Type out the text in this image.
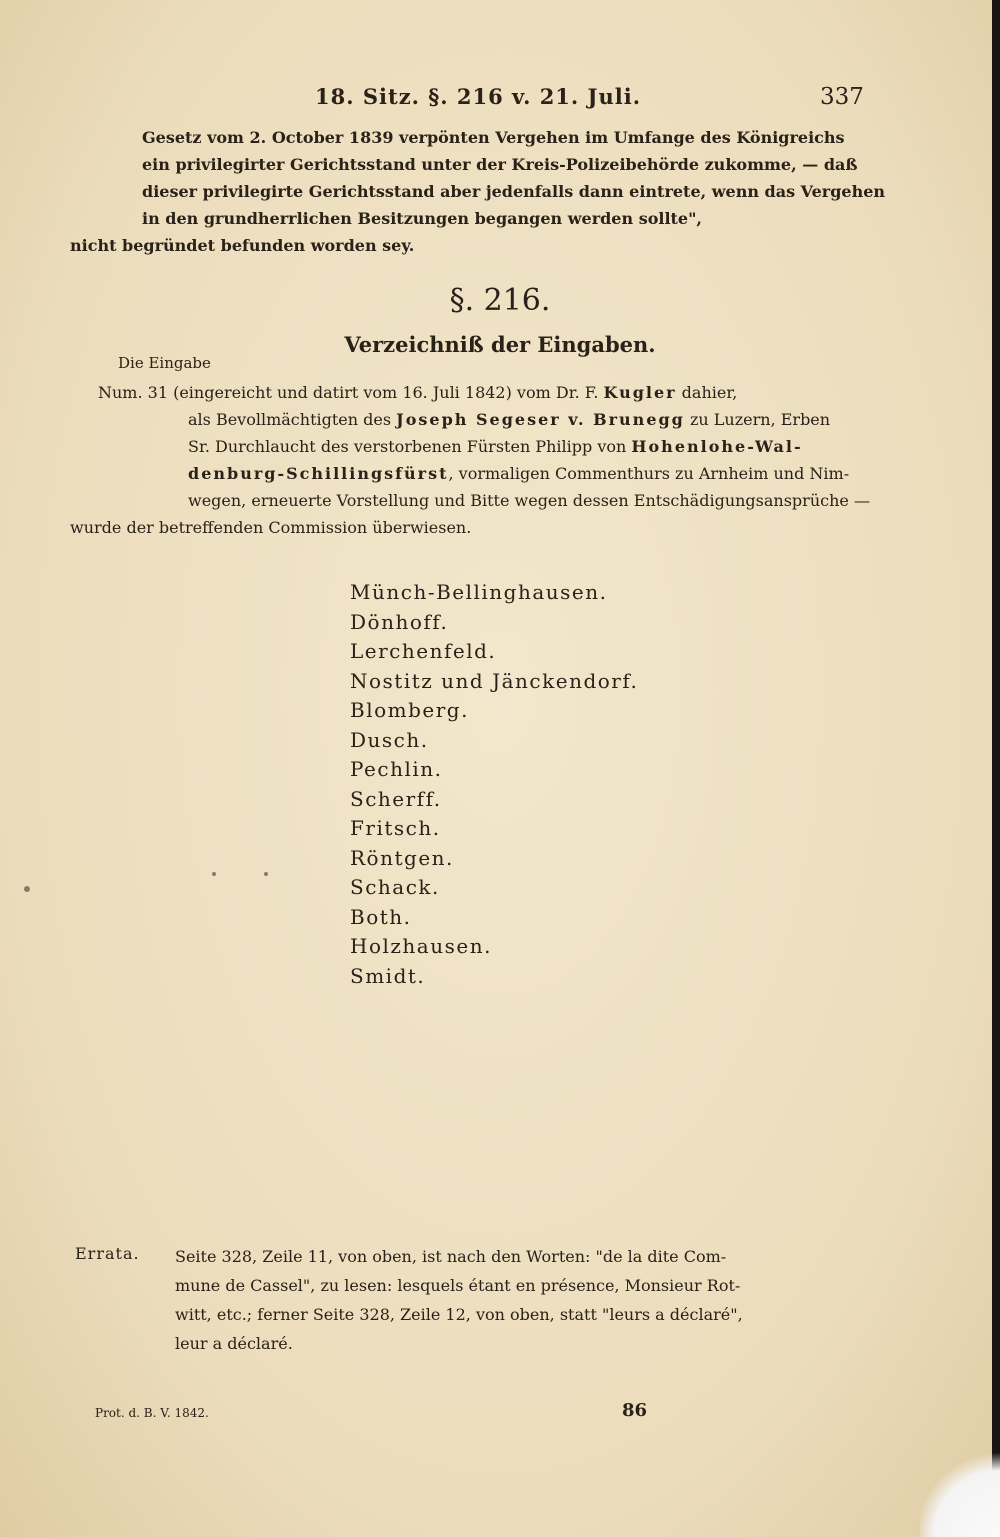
18. Sitz. §. 216 v. 21. Juli.	337
Gesetz vom 2. October 1839 verpönten Vergehen im Umfange des Königreichs
ein privilegirter Gerichtsstand unter der Kreis-Polizeibehörde zukomme, — daß
dieser privilegirte Gerichtsstand aber jedenfalls dann eintrete, wenn das Vergehen
in den grundherrlichen Besitzungen begangen werden sollte",
nicht begründet befunden worden sey.
§. 216.
Verzeichniß der Eingaben.
Die Eingabe
Num. 31 (eingereicht und datirt vom 16. Juli 1842) vom Dr. F. Kugler dahier,
als Bevollmächtigten des Joseph Segeser v. Brunegg zu Luzern, Erben
Sr. Durchlaucht des verstorbenen Fürsten Philipp von Hohenlohe-Wal-
denburg-Schillingsfürst, vormaligen Commenthurs zu Arnheim und Nim-
wegen, erneuerte Vorstellung und Bitte wegen dessen Entschädigungsansprüche —
wurde der betreffenden Commission überwiesen.
Münch-Bellinghausen.
Dönhoff.
Lerchenfeld.
Nostitz und Jänckendorf.
Blomberg.
Dusch.
Pechlin.
Scherff.
Fritsch.
Röntgen.
Schack.
Both.
Holzhausen.
Smidt.
Errata. Seite 328, Zeile 11, von oben, ist nach den Worten: "de la dite Com-
mune de Cassel", zu lesen: lesquels étant en présence, Monsieur Rot-
witt, etc.; ferner Seite 328, Zeile 12, von oben, statt "leurs a déclaré",
leur a déclaré.
Prot. d. B. V. 1842.	86
